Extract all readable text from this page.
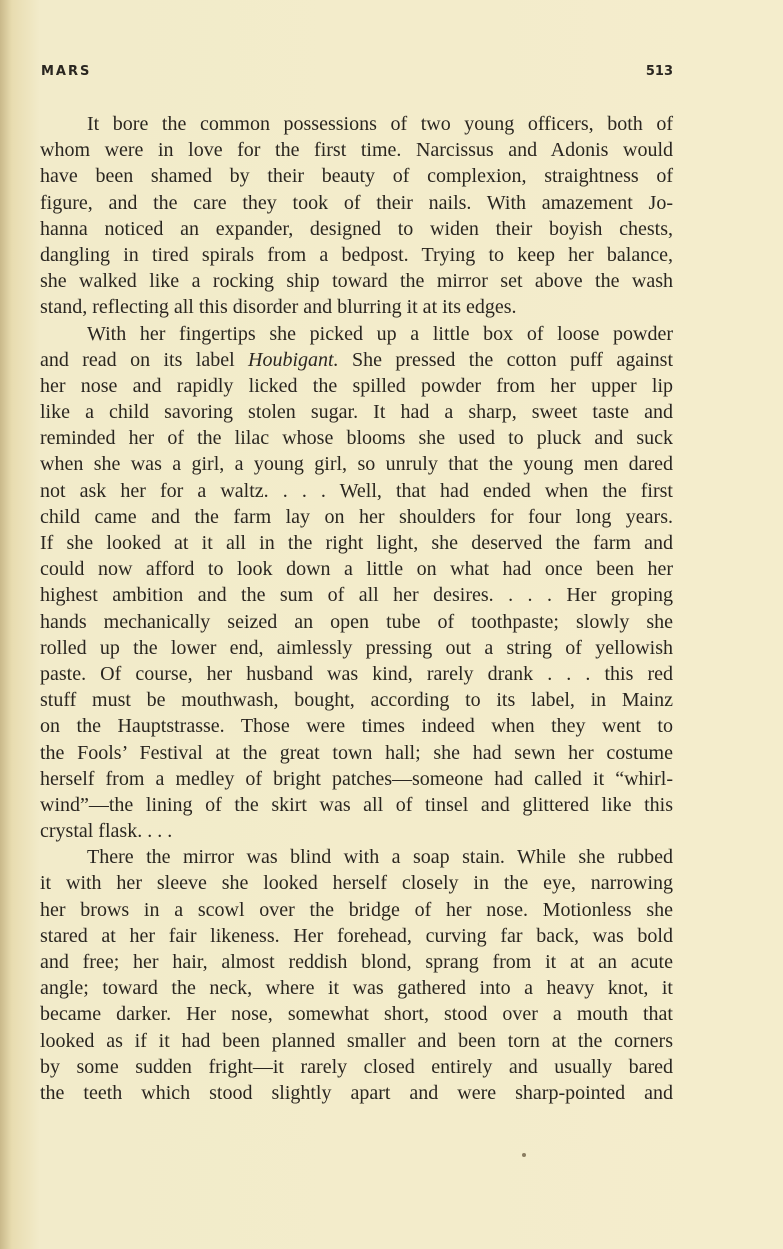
MARS	513
It bore the common possessions of two young officers, both of
whom were in love for the first time. Narcissus and Adonis would
have been shamed by their beauty of complexion, straightness of
figure, and the care they took of their nails. With amazement Jo-
hanna noticed an expander, designed to widen their boyish chests,
dangling in tired spirals from a bedpost. Trying to keep her balance,
she walked like a rocking ship toward the mirror set above the wash
stand, reflecting all this disorder and blurring it at its edges.
With her fingertips she picked up a little box of loose powder
and read on its label Houbigant. She pressed the cotton puff against
her nose and rapidly licked the spilled powder from her upper lip
like a child savoring stolen sugar. It had a sharp, sweet taste and
reminded her of the lilac whose blooms she used to pluck and suck
when she was a girl, a young girl, so unruly that the young men dared
not ask her for a waltz. . . . Well, that had ended when the first
child came and the farm lay on her shoulders for four long years.
If she looked at it all in the right light, she deserved the farm and
could now afford to look down a little on what had once been her
highest ambition and the sum of all her desires. . . . Her groping
hands mechanically seized an open tube of toothpaste; slowly she
rolled up the lower end, aimlessly pressing out a string of yellowish
paste. Of course, her husband was kind, rarely drank . . . this red
stuff must be mouthwash, bought, according to its label, in Mainz
on the Hauptstrasse. Those were times indeed when they went to
the Fools’ Festival at the great town hall; she had sewn her costume
herself from a medley of bright patches—someone had called it “whirl-
wind”—the lining of the skirt was all of tinsel and glittered like this
crystal flask. . . .
There the mirror was blind with a soap stain. While she rubbed
it with her sleeve she looked herself closely in the eye, narrowing
her brows in a scowl over the bridge of her nose. Motionless she
stared at her fair likeness. Her forehead, curving far back, was bold
and free; her hair, almost reddish blond, sprang from it at an acute
angle; toward the neck, where it was gathered into a heavy knot, it
became darker. Her nose, somewhat short, stood over a mouth that
looked as if it had been planned smaller and been torn at the corners
by some sudden fright—it rarely closed entirely and usually bared
the teeth which stood slightly apart and were sharp-pointed and
